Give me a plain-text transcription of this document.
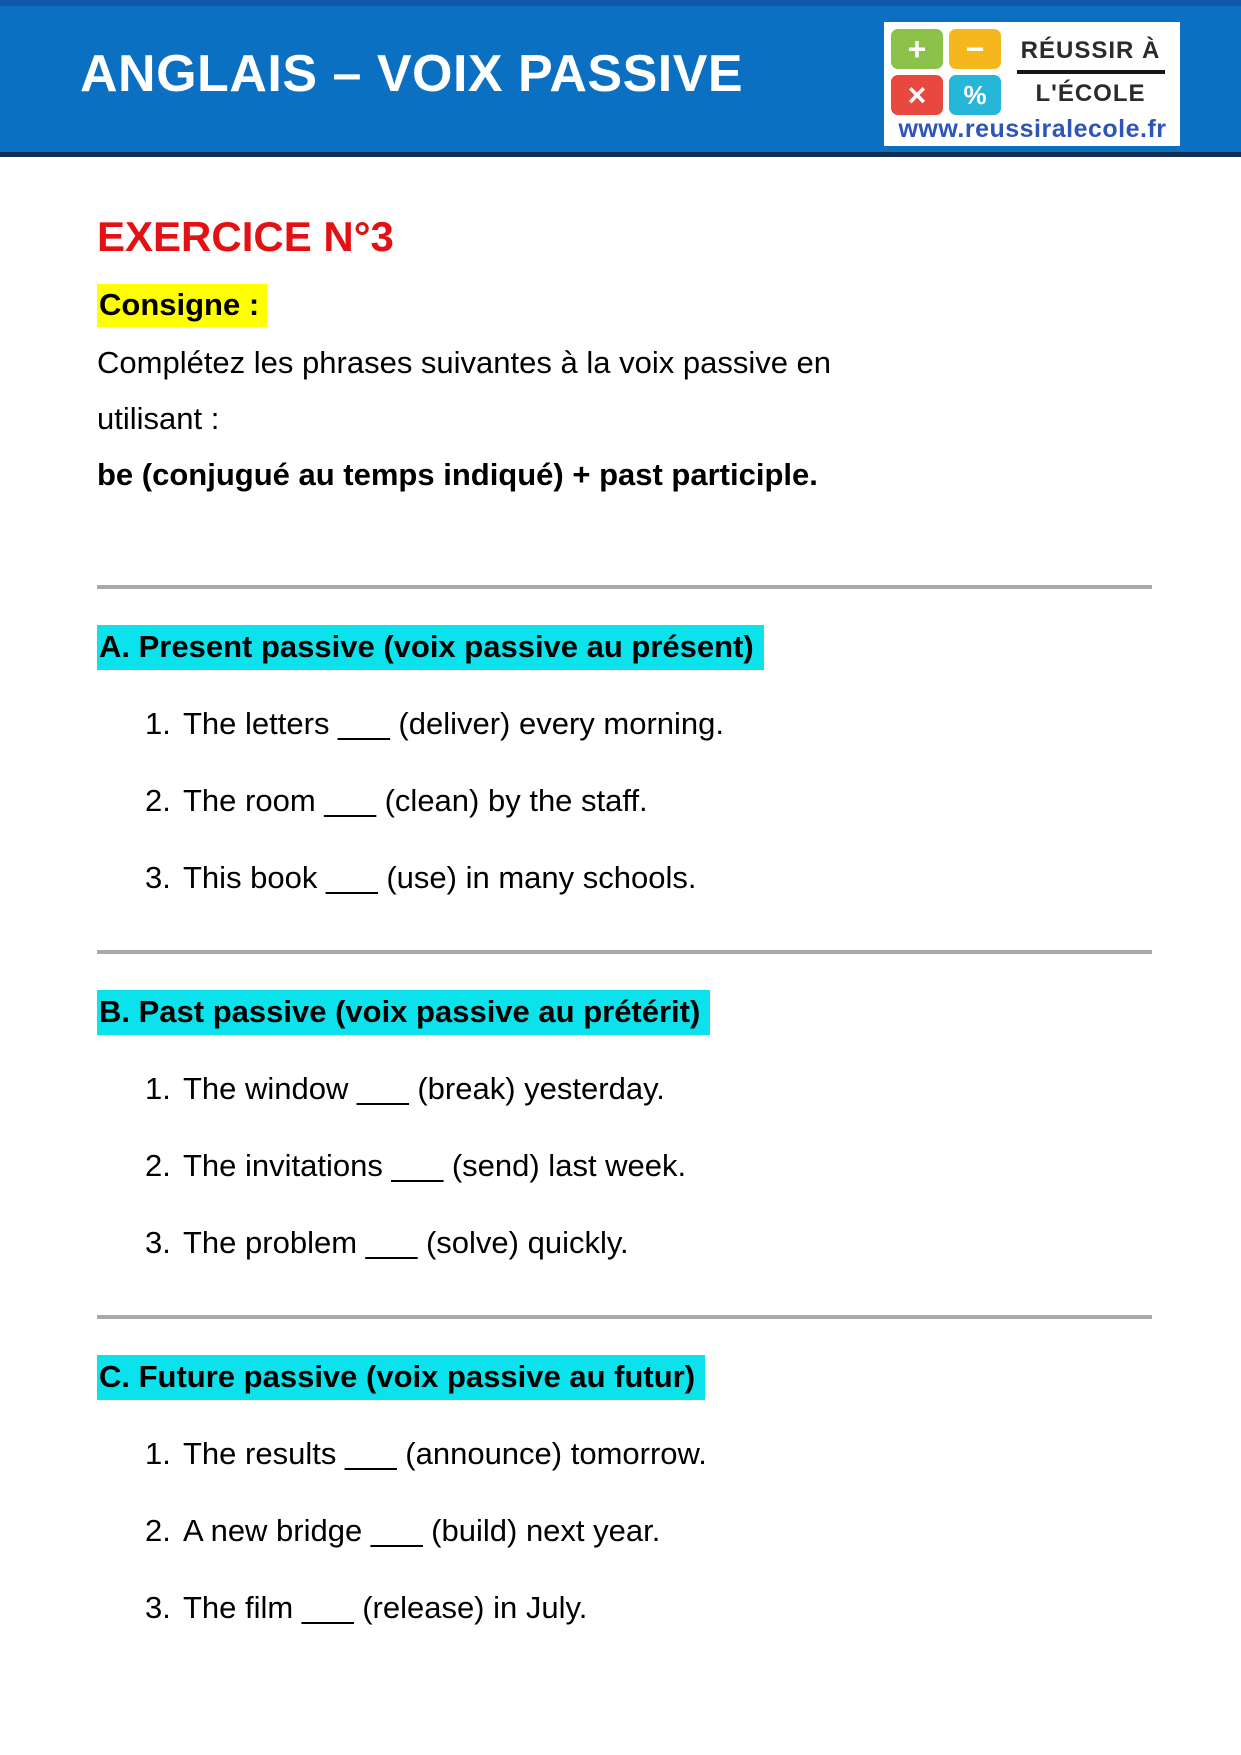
ANGLAIS – VOIX PASSIVE	+	−
×	%
RÉUSSIR À
L'ÉCOLE
www.reussiralecole.fr
EXERCICE N°3
Consigne :
Complétez les phrases suivantes à la voix passive en
utilisant :
be (conjugué au temps indiqué) + past participle.
A. Present passive (voix passive au présent)
1. The letters ___ (deliver) every morning.
2. The room ___ (clean) by the staff.
3. This book ___ (use) in many schools.
B. Past passive (voix passive au prétérit)
1. The window ___ (break) yesterday.
2. The invitations ___ (send) last week.
3. The problem ___ (solve) quickly.
C. Future passive (voix passive au futur)
1. The results ___ (announce) tomorrow.
2. A new bridge ___ (build) next year.
3. The film ___ (release) in July.
